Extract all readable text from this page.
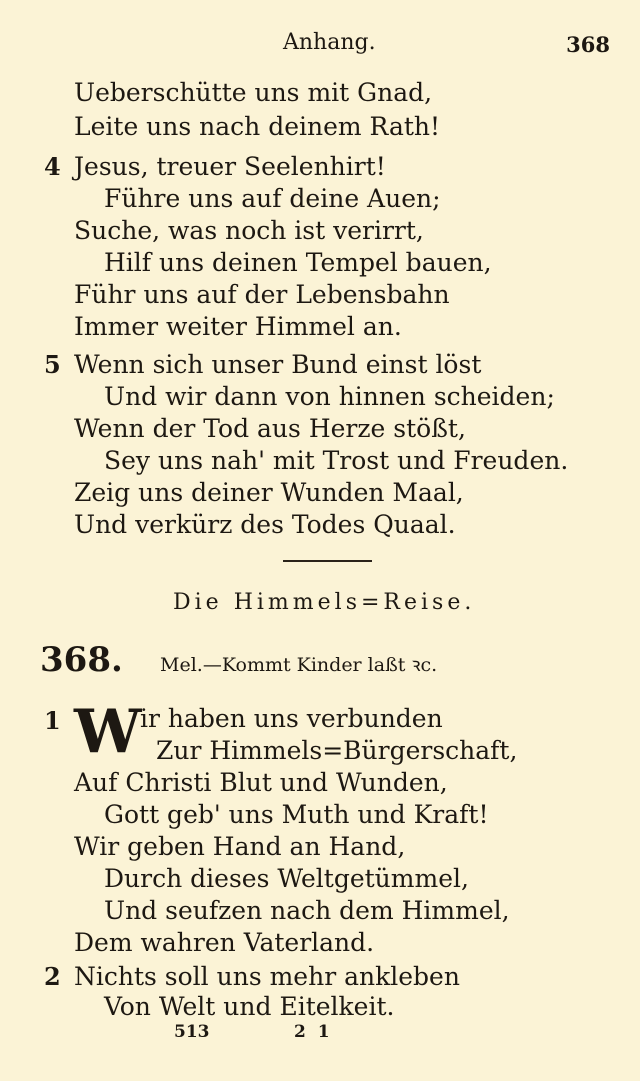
Anhang.	368
Ueberschütte uns mit Gnad,
Leite uns nach deinem Rath!
4 Jesus, treuer Seelenhirt!
Führe uns auf deine Auen;
Suche, was noch ist verirrt,
Hilf uns deinen Tempel bauen,
Führ uns auf der Lebensbahn
Immer weiter Himmel an.
5 Wenn sich unser Bund einst löst
Und wir dann von hinnen scheiden;
Wenn der Tod aus Herze stößt,
Sey uns nah' mit Trost und Freuden.
Zeig uns deiner Wunden Maal,
Und verkürz des Todes Quaal.
Die Himmels=Reise.
368. Mel.—Kommt Kinder laßt ꝛc.
1 W
ir haben uns verbunden
Zur Himmels=Bürgerschaft,
Auf Christi Blut und Wunden,
Gott geb' uns Muth und Kraft!
Wir geben Hand an Hand,
Durch dieses Weltgetümmel,
Und seufzen nach dem Himmel,
Dem wahren Vaterland.
2 Nichts soll uns mehr ankleben
Von Welt und Eitelkeit.
513	2 1
